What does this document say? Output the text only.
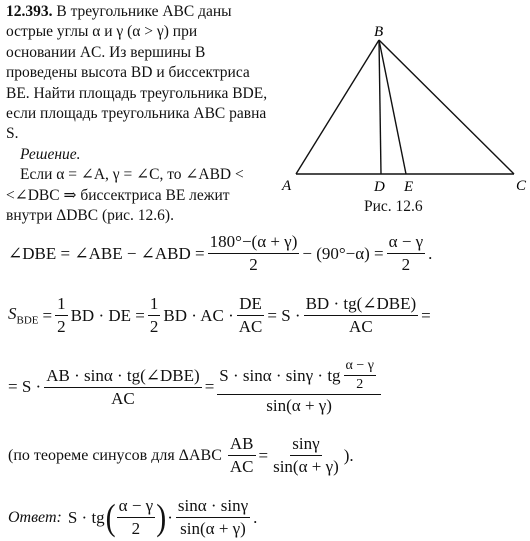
12.393. В треугольнике ABC даны острые углы α и γ (α > γ) при основании AC. Из вершины B проведены высота BD и биссектриса BE. Найти площадь треугольника BDE, если площадь треугольника ABC равна S.

Решение.

Если α = ∠A, γ = ∠C, то ∠ABD < <∠DBC ⇒ биссектриса BE лежит внутри ΔDBC (рис. 12.6).

B
A	D E	C
Рис. 12.6
∠DBE = ∠ABE − ∠ABD = $\frac{180^\circ-(\alpha + \gamma)}{2} - (90^\circ-\alpha) = \frac{\alpha - \gamma}{2}$ .
$S_{BDE} = \frac{1}{2}$ BD · DE = $\frac{1}{2}$ BD · AC · $\frac{DE}{AC} = S \cdot \frac{\text{BD · tg(∠DBE)}}{AC}$ =
= $S \cdot \frac{\text{AB · sinα · tg(∠DBE)}}{AC} = \frac{S \cdot \sin\alpha \cdot \sin\gamma \cdot tg \frac{\alpha - \gamma}{2}}{\sin(\alpha + \gamma)}$
(по теореме синусов для ΔABC $\frac{AB}{AC} = \frac{\sin\gamma}{\sin(\alpha + \gamma)}$ ).
Ответ: S · tg ( $\frac{\alpha - \gamma}{2}$ ) · $\frac{\sin\alpha \cdot \sin\gamma}{\sin(\alpha + \gamma)}$ .
